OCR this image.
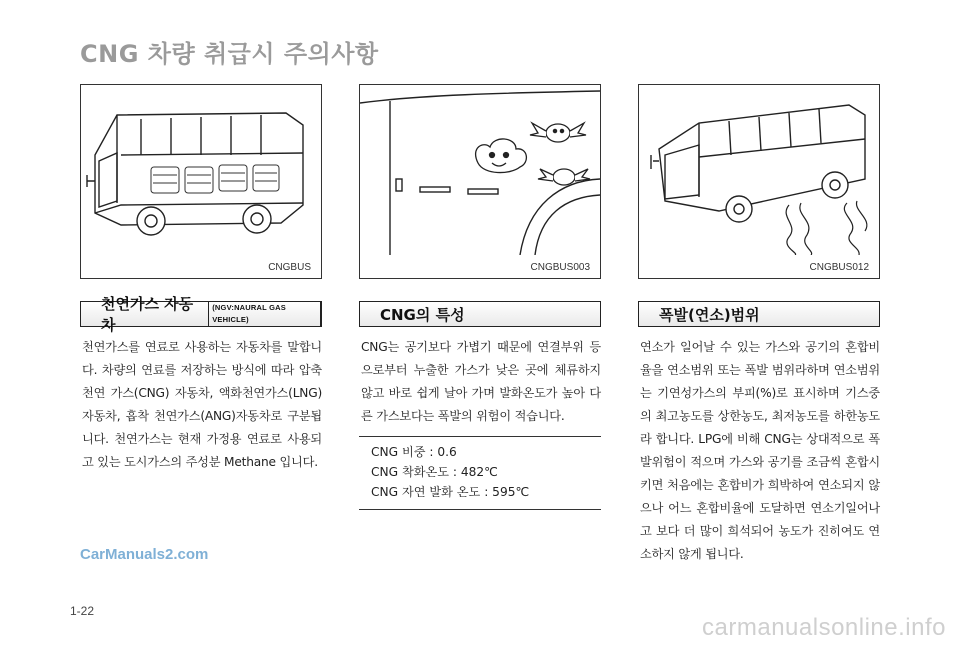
CNG 차량 취급시 주의사항
CNGBUS	CNGBUS003	CNGBUS012
천연가스 자동차
(NGV:NAURAL GAS VEHICLE)
천연가스를 연료로 사용하는 자동차를 말합니다. 차량의 연료를 저장하는 방식에 따라 압축천연 가스(CNG) 자동차, 액화천연가스(LNG) 자동차, 흡착 천연가스(ANG)자동차로 구분됩니다. 천연가스는 현재 가정용 연료로 사용되고 있는 도시가스의 주성분 Methane 입니다.
CNG의 특성
CNG는 공기보다 가볍기 때문에 연결부위 등으로부터 누출한 가스가 낮은 곳에 체류하지 않고 바로 쉽게 날아 가며 발화온도가 높아 다른 가스보다는 폭발의 위험이 적습니다.
CNG 비중 : 0.6
CNG 착화온도 : 482℃
CNG 자연 발화 온도 : 595℃
폭발(연소)범위
연소가 일어날 수 있는 가스와 공기의 혼합비율을 연소범위 또는 폭발 범위라하며 연소범위는 기연성가스의 부피(%)로 표시하며 기스중의 최고농도를 상한농도, 최저농도를 하한농도라 합니다. LPG에 비해 CNG는 상대적으로 폭발위험이 적으며 가스와 공기를 조금씩 혼합시키면 처음에는 혼합비가 희박하여 연소되지 않으나 어느 혼합비율에 도달하면 연소기일어나고 보다 더 많이 희석되어 농도가 진히여도 연소하지 않게 됩니다.
CarManuals2.com
1-22
carmanualsonline.info
